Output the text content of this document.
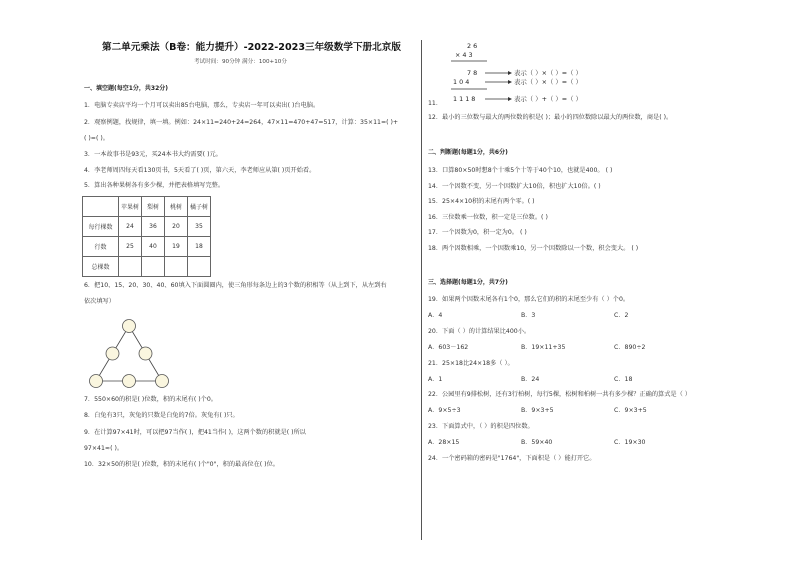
第二单元乘法（B卷：能力提升）-2022-2023三年级数学下册北京版
考试时间：90分钟 满分：100+10分
一、填空题(每空1分，共32分)
1．电脑专卖店平均一个月可以卖出85台电脑，那么，专卖店一年可以卖出( )台电脑。
2．观察例题，找规律，填一填。例如：24×11=240+24=264，47×11=470+47=517，计算：35×11=( )+
( )=( )。
3．一本故事书是93元，买24本书大约需要( )元。
4．李老师周四每天看130页书，5天看了( )页，第六天，李老师应从第( )页开始看。
5．算出各种果树各有多少棵，并把表格填写完整。
	苹果树	梨树	桃树	橘子树
每行棵数	24	36	20	35
行数	25	40	19	18
总棵数				
6．把10、15、20、30、40、60填入下面圆圈内，使三角形每条边上的3个数的积相等（从上到下，从左到右
依次填写）
7．550×60的积是( )位数，积的末尾有( )个0。
8．白兔有3只，灰兔的只数是白兔的7倍。灰兔有( )只。
9．在计算97×41时，可以把97当作( )，把41当作( )，这两个数的积就是( )所以
97×41≈( )。
10．32×50的积是( )位数，积的末尾有( )个"0"，积的最高位在( )位。
2 6
× 4 3
7 8
1 0 4
1 1 1 8
表示（ ）×（ ）=（ ）
表示（ ）×（ ）=（ ）
表示（ ）+（ ）=（ ）
11．
12．最小的三位数与最大的两位数的积是( )；最小的四位数除以最大的两位数，商是( )。
二、判断题(每题1分，共6分)
13．口算80×50时想8个十乘5个十等于40个10，也就是400。 ( )
14．一个因数不变，另一个因数扩大10倍，积也扩大10倍。( )
15．25×4×10积的末尾有两个零。( )
16．三位数乘一位数，积一定是三位数。( )
17．一个因数为0，积一定为0。 ( )
18．两个因数相乘，一个因数乘10，另一个因数除以一个数，积会变大。 ( )
三、选择题(每题1分，共7分)
19．如果两个因数末尾各有1个0，那么它们的积的末尾至少有（ ）个0。
A．4	B．3	C．2
20．下面（ ）的计算结果比400小。
A．603－162	B．19×11+35	C．890÷2
21．25×18比24×18多（ ）。
A．1	B．24	C．18
22．公园里有9排松树，还有3行柏树，每行5棵，松树和柏树一共有多少棵？正确的算式是（ ）
A．9×5÷3	B．9×3+5	C．9×3+5
23．下面算式中，（ ）的积是四位数。
A．28×15	B．59×40	C．19×30
24．一个密码箱的密码是"1764"，下面积是（ ）能打开它。
